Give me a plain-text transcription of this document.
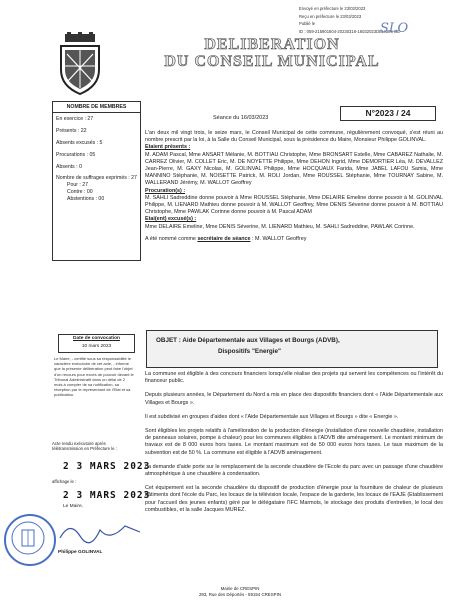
Envoyé en préfecture le 23/03/2023
Reçu en préfecture le 23/03/2023
Publié le
ID : 059-215901604-20230316-16032023DELIB06-DE
SLO
DELIBERATION
DU CONSEIL MUNICIPAL
N°2023 / 24
Séance du 16/03/2023
NOMBRE DE MEMBRES
En exercice : 27
Présents : 22
Absents excusés : 5
Procurations : 05
Absents : 0
Nombre de suffrages exprimés : 27
Pour : 27
Contre : 00
Abstentions : 00

L'an deux mil vingt trois, le seize mars, le Conseil Municipal de cette commune, régulièrement convoqué, s'est réuni au nombre prescrit par la loi, à la Salle du Conseil Municipal, sous la présidence du Maire, Monsieur Philippe GOLINVAL.

Etaient présents :

M. ADAM Pascal, Mme ANSART Mélanie, M. BOTTIAU Christophe, Mme BRONSART Estelle, Mme CABAREZ Nathalie, M. CARREZ Olivier, M. COLLET Eric, M. DE NOYETTE Philippe, Mme DEHON Ingrid, Mme DEMORTIER Léa, M. DEVALLEZ Jean-Pierre, M. GAXY Nicolas, M. GOLINVAL Philippe, Mme HOCQUAUX Farida, Mme JABEL LAFOU Samia, Mme MANNINO Stéphanie, M. NOISETTE Patrick, M. ROLI Jordan, Mme ROUSSEL Stéphanie, Mme TOURNAY Sabine, M. WALLERAND Jérémy, M. WALLOT Geoffrey

Procuration(s) :

M. SAHLI Sadreddine donne pouvoir à Mme ROUSSEL Stéphanie, Mme DELAIRE Emeline donne pouvoir à M. GOLINVAL Philippe, M. LIENARD Mathieu donne pouvoir à M. WALLOT Geoffrey, Mme DENIS Séverine donne pouvoir à M. BOTTIAU Christophe, Mme PAWLAK Corinne donne pouvoir à M. Pascal ADAM

Etai(ent) excusé(s) :

Mme DELAIRE Emeline, Mme DENIS Séverine, M. LIENARD Mathieu, M. SAHLI Sadreddine, PAWLAK Corinne.

A été nommé comme secrétaire de séance : M. WALLOT Geoffrey

Date de convocation
10 mars 2023
OBJET : Aide Départementale aux Villages et Bourgs (ADVB),
Dispositifs "Energie"
Le Maire, - certifie sous sa responsabilité le caractère exécutoire de cet acte, - informe que la présente délibération peut faire l'objet d'un recours pour excès de pouvoir devant le Tribunal Administratif dans un délai de 2 mois à compter de sa notification, sa réception par le représentant de l'Etat et sa publication.
Acte rendu exécutoire après télétransmission en Préfecture le :
2 3 MARS 2023
affichage le :
2 3 MARS 2023
Le Maire,
Philippe GOLINVAL

La commune est éligible à des concours financiers lorsqu'elle réalise des projets qui servent les compétences ou l'intérêt du financeur public.

Depuis plusieurs années, le Département du Nord a mis en place des dispositifs financiers dont « l'Aide Départementale aux Villages et Bourgs ».

Il est subdivisé en groupes d'aides dont « l'Aide Départementale aux Villages et Bourgs » dite « Energie ».

Sont éligibles les projets relatifs à l'amélioration de la production d'énergie (installation d'une nouvelle chaudière, installation de panneaux solaires, pompe à chaleur) pour les communes éligibles à l'ADVB dite aménagement. Le montant minimum de travaux est de 8 000 euros hors taxes. Le montant maximum est de 50 000 euros hors taxes. Le taux maximum de la subvention est de 50 %. La commune est éligible à l'ADVB aménagement.

La demande d'aide porte sur le remplacement de la seconde chaudière de l'Ecole du parc avec un passage d'une chaudière atmosphérique à une chaudière à condensation.

Cet équipement est la seconde chaudière du dispositif de production d'énergie pour la fourniture de chaleur de plusieurs bâtiments dont l'école du Parc, les locaux de la télévision locale, l'espace de la garderie, les locaux de l'EAJE (Etablissement pour l'accueil des jeunes enfants) géré par le délégataire l'IFC Marmots, le stockage des produits d'entretien, le local des combustibles, et la salle Jacques MUREZ.

Mairie de CRESPIN
293, Rue des Déportés - 59154 CRESPIN
